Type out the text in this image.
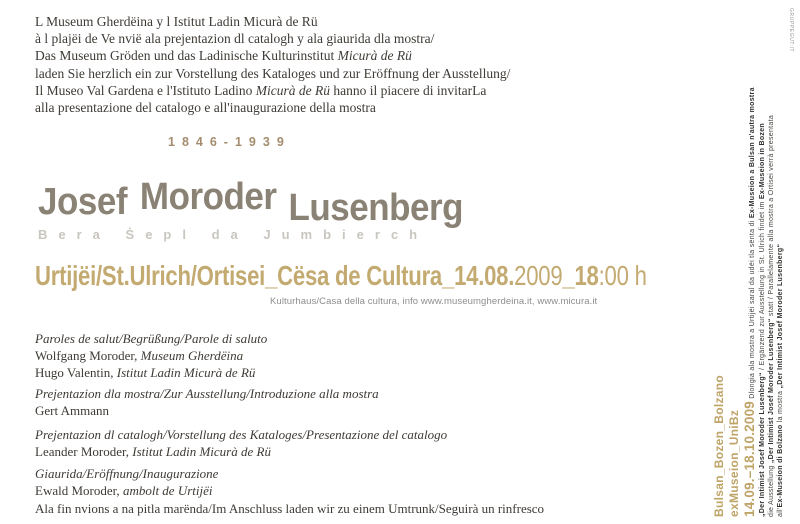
L Museum Gherdëina y l Istitut Ladin Micurà de Rü
à l plajëi de Ve nvië ala prejentazion dl catalogh y ala giaurida dla mostra/
Das Museum Gröden und das Ladinische Kulturinstitut Micurà de Rü
laden Sie herzlich ein zur Vorstellung des Kataloges und zur Eröffnung der Ausstellung/
Il Museo Val Gardena e l'Istituto Ladino Micurà de Rü hanno il piacere di invitarLa
alla presentazione del catalogo e all'inaugurazione della mostra
1846-1939
Josef Moroder Lusenberg
Bera Ṡepl da Jumbierch
Urtijëi/St.Ulrich/Ortisei_Cësa de Cultura_14.08.2009_18:00 h
Kulturhaus/Casa della cultura, info www.museumgherdeina.it, www.micura.it
Paroles de salut/Begrüßung/Parole di saluto
Wolfgang Moroder, Museum Gherdëina
Hugo Valentin, Istitut Ladin Micurà de Rü
Prejentazion dla mostra/Zur Ausstellung/Introduzione alla mostra
Gert Ammann
Prejentazion dl catalogh/Vorstellung des Kataloges/Presentazione del catalogo
Leander Moroder, Istitut Ladin Micurà de Rü
Giaurida/Eröffnung/Inaugurazione
Ewald Moroder, ambolt de Urtijëi
Ala fin nvions a na pitla marënda/Im Anschluss laden wir zu einem Umtrunk/Seguirà un rinfresco	Bulsan_Bozen_Bolzano exMuseion_UniBz 14.09.–18.10.2009 Dlongia ala mostra a Urtijëi saral da udëi tla sënta di Ex-Museion a Bulsan n'autra mostra
„Der Intimist Josef Moroder Lusenberg“ / Ergänzend zur Ausstellung in St. Ulrich findet im Ex-Museion in Bozen
die Ausstellung „Der Intimist Josef Moroder Lusenberg“ statt / Parallelamente alla mostra a Ortisei verrà presentata
all'Ex-Museion di Bolzano la mostra „Der Intimist Josef Moroder Lusenberg“
GRUPPEGUT:IT
